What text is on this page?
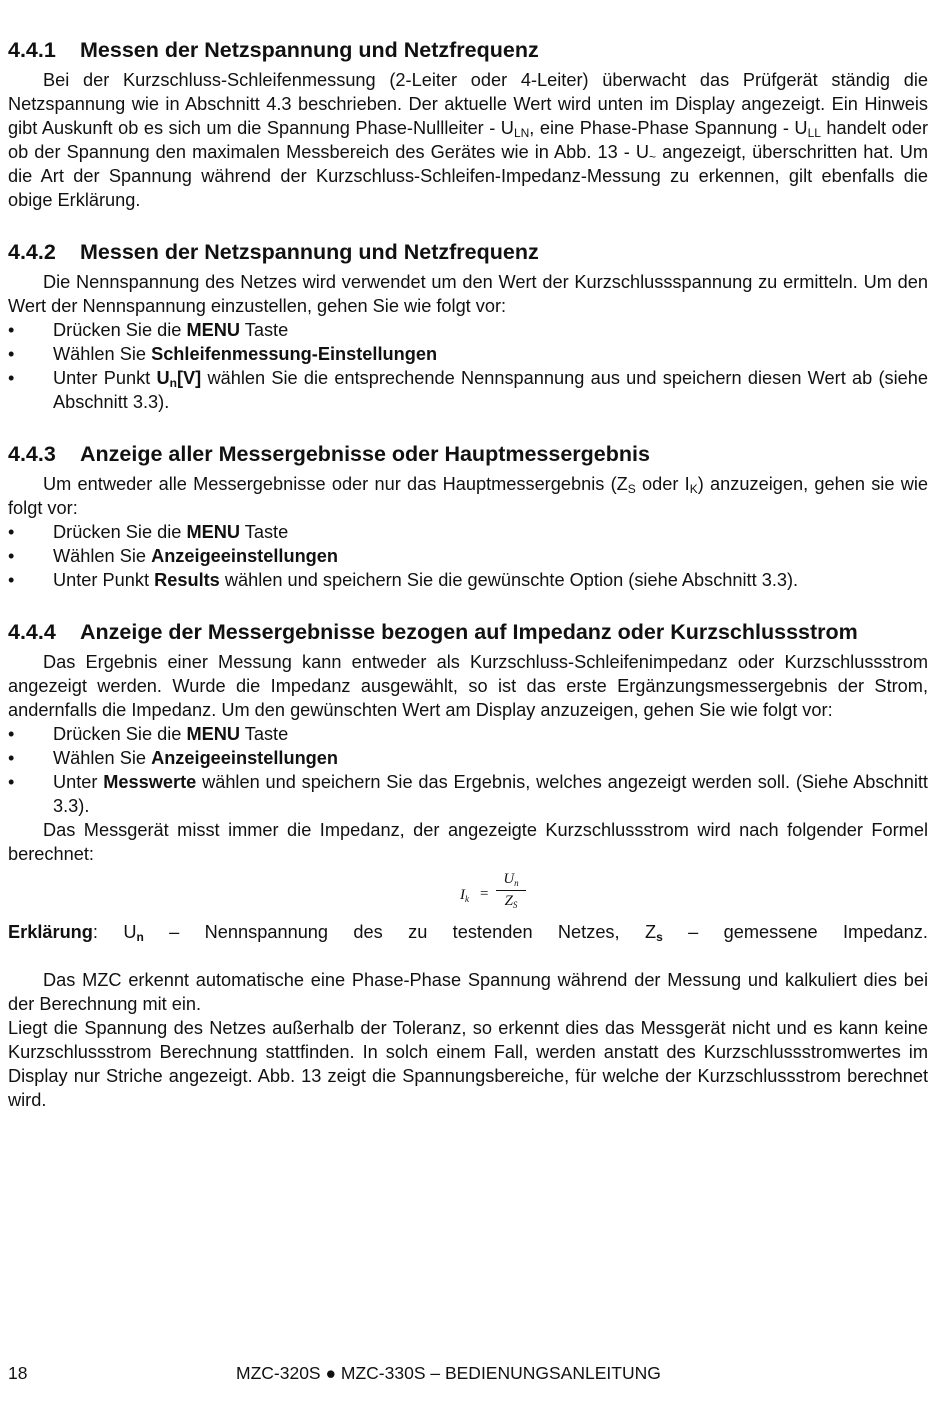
4.4.1 Messen der Netzspannung und Netzfrequenz

Bei der Kurzschluss-Schleifenmessung (2-Leiter oder 4-Leiter) überwacht das Prüfgerät ständig die Netzspannung wie in Abschnitt 4.3 beschrieben. Der aktuelle Wert wird unten im Display angezeigt. Ein Hinweis gibt Auskunft ob es sich um die Spannung Phase-Nullleiter - $U_{LN}$, eine Phase-Phase Spannung - $U_{LL}$ handelt oder ob der Spannung den maximalen Messbereich des Gerätes wie in Abb. $13 - U_\sim$ angezeigt, überschritten hat. Um die Art der Spannung während der Kurzschluss-Schleifen-Impedanz-Messung zu erkennen, gilt ebenfalls die obige Erklärung.

4.4.2 Messen der Netzspannung und Netzfrequenz

Die Nennspannung des Netzes wird verwendet um den Wert der Kurzschlussspannung zu ermitteln. Um den Wert der Nennspannung einzustellen, gehen Sie wie folgt vor:

•	Drücken Sie die MENU Taste
•	Wählen Sie Schleifenmessung-Einstellungen
•	Unter Punkt $U_n[V]$ wählen Sie die entsprechende Nennspannung aus und speichern diesen Wert ab (siehe Abschnitt 3.3).
4.4.3 Anzeige aller Messergebnisse oder Hauptmessergebnis

Um entweder alle Messergebnisse oder nur das Hauptmessergebnis ($Z_S$ oder $I_K$) anzuzeigen, gehen sie wie folgt vor:

•	Drücken Sie die MENU Taste
•	Wählen Sie Anzeigeeinstellungen
•	Unter Punkt Results wählen und speichern Sie die gewünschte Option (siehe Abschnitt 3.3).
4.4.4 Anzeige der Messergebnisse bezogen auf Impedanz oder Kurzschlussstrom

Das Ergebnis einer Messung kann entweder als Kurzschluss-Schleifenimpedanz oder Kurzschlussstrom angezeigt werden. Wurde die Impedanz ausgewählt, so ist das erste Ergänzungsmessergebnis der Strom, andernfalls die Impedanz. Um den gewünschten Wert am Display anzuzeigen, gehen Sie wie folgt vor:

•	Drücken Sie die MENU Taste
•	Wählen Sie Anzeigeeinstellungen
•	Unter Messwerte wählen und speichern Sie das Ergebnis, welches angezeigt werden soll. (Siehe Abschnitt 3.3).

Das Messgerät misst immer die Impedanz, der angezeigte Kurzschlussstrom wird nach folgender Formel berechnet:

$I_k$ =
$U_n$
$Z_S$
Erklärung: $U_n$ – Nennspannung des zu testenden Netzes, $Z_s$ – gemessene Impedanz.

Das MZC erkennt automatische eine Phase-Phase Spannung während der Messung und kalkuliert dies bei der Berechnung mit ein.

Liegt die Spannung des Netzes außerhalb der Toleranz, so erkennt dies das Messgerät nicht und es kann keine Kurzschlussstrom Berechnung stattfinden. In solch einem Fall, werden anstatt des Kurzschlussstromwertes im Display nur Striche angezeigt. Abb. 13 zeigt die Spannungsbereiche, für welche der Kurzschlussstrom berechnet wird.

18	MZC-320S ● MZC-330S – BEDIENUNGSANLEITUNG
